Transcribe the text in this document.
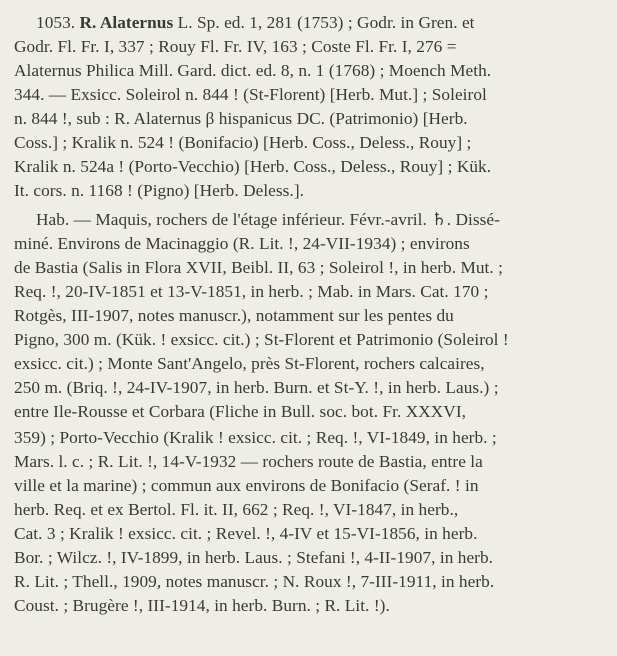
1053. R. Alaternus L. Sp. ed. 1, 281 (1753) ; Godr. in Gren. et
Godr. Fl. Fr. I, 337 ; Rouy Fl. Fr. IV, 163 ; Coste Fl. Fr. I, 276 =
Alaternus Philica Mill. Gard. dict. ed. 8, n. 1 (1768) ; Moench Meth.
344. — Exsicc. Soleirol n. 844 ! (St-Florent) [Herb. Mut.] ; Soleirol
n. 844 !, sub : R. Alaternus β hispanicus DC. (Patrimonio) [Herb.
Coss.] ; Kralik n. 524 ! (Bonifacio) [Herb. Coss., Deless., Rouy] ;
Kralik n. 524a ! (Porto-Vecchio) [Herb. Coss., Deless., Rouy] ; Kük.
It. cors. n. 1168 ! (Pigno) [Herb. Deless.].
Hab. — Maquis, rochers de l'étage inférieur. Févr.-avril. ♄. Dissé-
miné. Environs de Macinaggio (R. Lit. !, 24-VII-1934) ; environs
de Bastia (Salis in Flora XVII, Beibl. II, 63 ; Soleirol !, in herb. Mut. ;
Req. !, 20-IV-1851 et 13-V-1851, in herb. ; Mab. in Mars. Cat. 170 ;
Rotgès, III-1907, notes manuscr.), notamment sur les pentes du
Pigno, 300 m. (Kük. ! exsicc. cit.) ; St-Florent et Patrimonio (Soleirol !
exsicc. cit.) ; Monte Sant'Angelo, près St-Florent, rochers calcaires,
250 m. (Briq. !, 24-IV-1907, in herb. Burn. et St-Y. !, in herb. Laus.) ;
entre Ile-Rousse et Corbara (Fliche in Bull. soc. bot. Fr. XXXVI,
359) ; Porto-Vecchio (Kralik ! exsicc. cit. ; Req. !, VI-1849, in herb. ;
Mars. l. c. ; R. Lit. !, 14-V-1932 — rochers route de Bastia, entre la
ville et la marine) ; commun aux environs de Bonifacio (Seraf. ! in
herb. Req. et ex Bertol. Fl. it. II, 662 ; Req. !, VI-1847, in herb.,
Cat. 3 ; Kralik ! exsicc. cit. ; Revel. !, 4-IV et 15-VI-1856, in herb.
Bor. ; Wilcz. !, IV-1899, in herb. Laus. ; Stefani !, 4-II-1907, in herb.
R. Lit. ; Thell., 1909, notes manuscr. ; N. Roux !, 7-III-1911, in herb.
Coust. ; Brugère !, III-1914, in herb. Burn. ; R. Lit. !).
